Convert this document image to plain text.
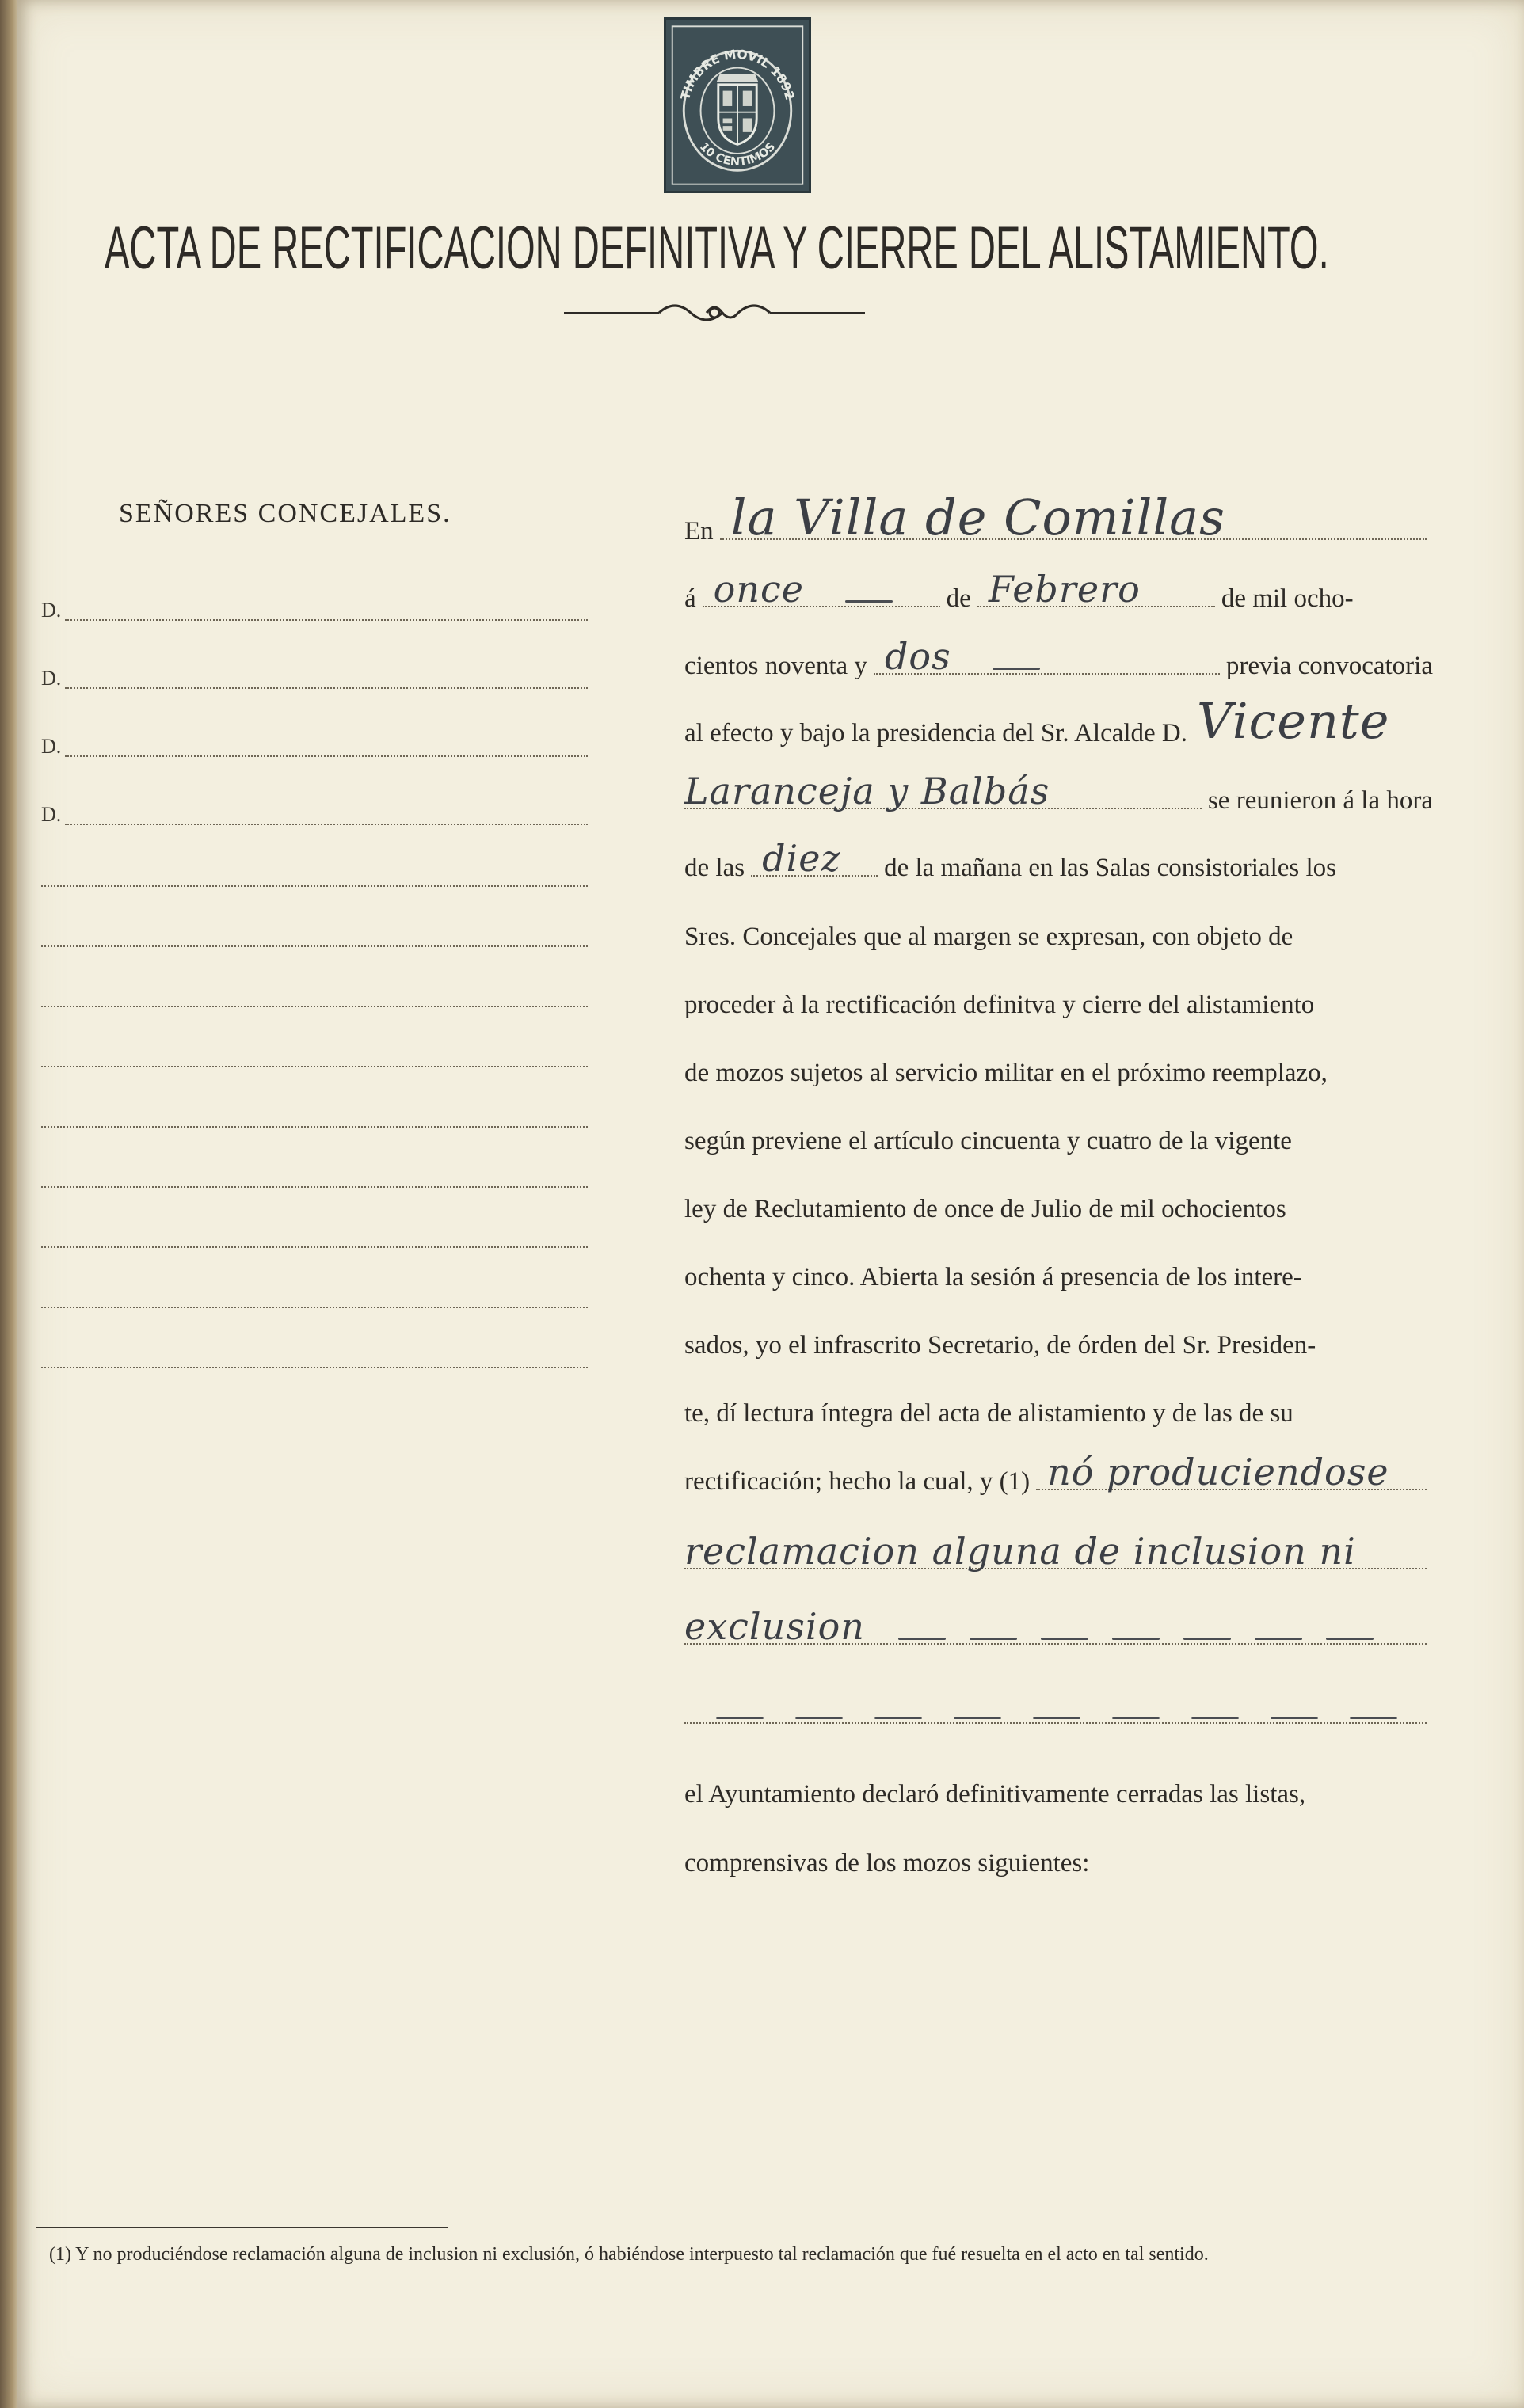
TIMBRE MOVIL 1892
10 CENTIMOS
ACTA DE RECTIFICACION DEFINITIVA Y CIERRE DEL ALISTAMIENTO.
SEÑORES CONCEJALES.
D.
D.
D.
D.
En la Villa de Comillas
á once	de Febrero	de mil ocho-
cientos noventa y dos	previa convocatoria
al efecto y bajo la presidencia del Sr. Alcalde D. Vicente
Laranceja y Balbás	se reunieron á la hora
de las diez de la mañana en las Salas consistoriales los
Sres. Concejales que al margen se expresan, con objeto de
proceder à la rectificación definitva y cierre del alistamiento
de mozos sujetos al servicio militar en el próximo reemplazo,
según previene el artículo cincuenta y cuatro de la vigente
ley de Reclutamiento de once de Julio de mil ochocientos
ochenta y cinco. Abierta la sesión á presencia de los intere-
sados, yo el infrascrito Secretario, de órden del Sr. Presiden-
te, dí lectura íntegra del acta de alistamiento y de las de su
rectificación; hecho la cual, y (1) nó produciendose
reclamacion alguna de inclusion ni
exclusion
el Ayuntamiento declaró definitivamente cerradas las listas,
comprensivas de los mozos siguientes:
(1) Y no produciéndose reclamación alguna de inclusion ni exclusión, ó habiéndose interpuesto tal reclamación que fué resuelta en el acto en tal sentido.
